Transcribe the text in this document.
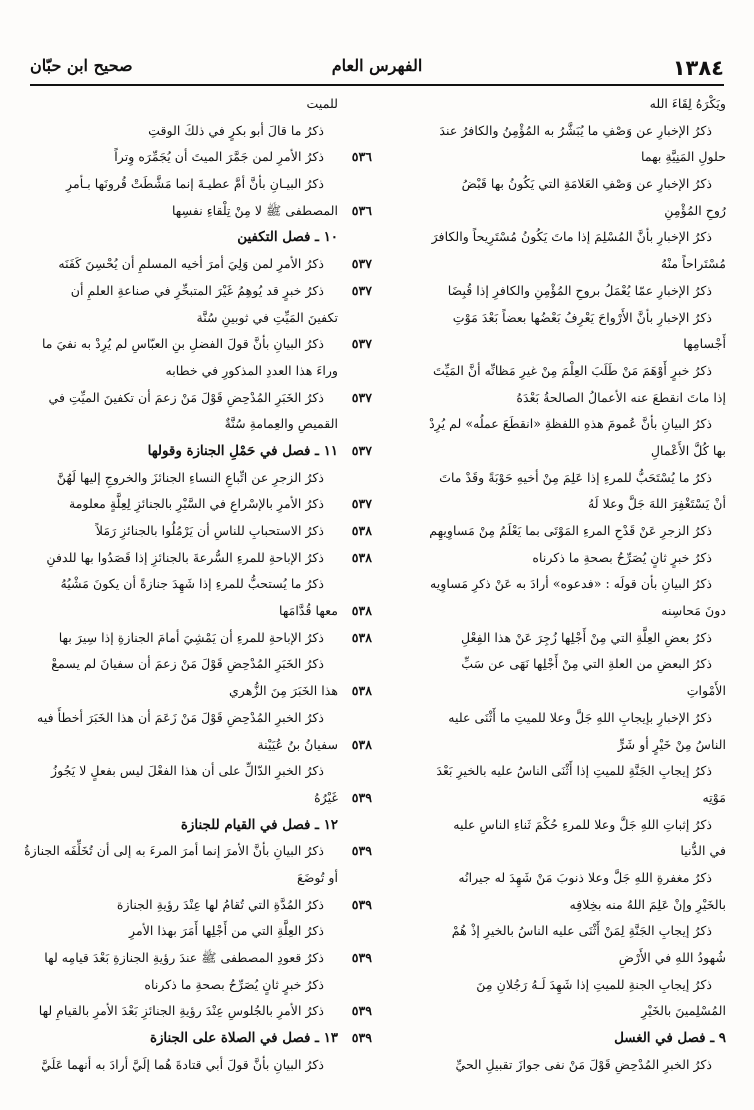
١٣٨٤
الفهرس العام
صحيح ابن حبّان
ويَكْرَهُ لِقَاءَ الله
ذكرُ الإخبارِ عن وَصْفِ ما يُبَشَّرُ به المُؤْمِنُ والكافرُ عندَ
حلولِ المَنِيَّةِ بهما
٥٣٦
ذكرُ الإخبارِ عن وَصْفِ العَلامَةِ التي يَكُونُ بها قَبْضُ
رُوحِ المُؤْمِنِ
٥٣٦
ذكرُ الإخبارِ بأنَّ المُسْلِمَ إذا ماتَ يَكُونُ مُسْتَرِيحاً والكافرَ
مُسْتَراحاً منْهُ
٥٣٧
ذكرُ الإخبارِ عمّا يُعْمَلُ بروحِ المُؤْمِنِ والكافرِ إذا قُبِضَا
٥٣٧
ذكرُ الإخبارِ بأنَّ الأَرْواحَ يَعْرِفُ بَعْضُها بعضاً بَعْدَ مَوْتِ
أَجْسامِها
٥٣٧
ذكرُ خبرٍ أَوْهَمَ مَنْ طَلَبَ العِلْمَ مِنْ غيرِ مَظانِّه أنَّ المَيِّتَ
إذا ماتَ انقطعَ عنه الأعمالُ الصالحةُ بَعْدَهُ
٥٣٧
ذكرُ البيانِ بأنَّ عُمومَ هذهِ اللفظةِ «انقطَعَ عملُه» لم يُرِدْ
بها كُلَّ الأَعْمالِ
٥٣٧
ذكرُ ما يُسْتَحَبُّ للمرءِ إذا عَلِمَ مِنْ أخيهِ حَوْبَةً وقَدْ ماتَ
أنْ يَسْتَغْفِرَ اللهَ جَلَّ وعلا لَهُ
٥٣٧
ذكرُ الزجرِ عَنْ قَدْحِ المرءِ المَوْتَى بما يَعْلَمُ مِنْ مَساوِيهِم
٥٣٨
ذكرُ خبرٍ ثانٍ يُصَرِّحُ بصحةِ ما ذكرناه
٥٣٨
ذكرُ البيانِ بأن قولَه : «فدعوه» أرادَ به عَنْ ذكرِ مَساوِيه
دونَ مَحاسِنه
٥٣٨
ذكرُ بعضِ العِلَّةِ التي مِنْ أَجْلِها زُجِرَ عَنْ هذا الفِعْلِ
٥٣٨
ذكرُ البعضِ من العلةِ التي مِنْ أَجْلِها نَهَى عن سَبِّ
الأَمْواتِ
٥٣٨
ذكرُ الإخبارِ بإيجابِ اللهِ جَلَّ وعلا للميتِ ما أَثْنَى عليه
الناسُ مِنْ خَيْرٍ أو شَرٍّ
٥٣٨
ذكرُ إيجابِ الجَنَّةِ للميتِ إذا أَثْنَى الناسُ عليه بالخيرِ بَعْدَ
مَوْتِه
٥٣٩
ذكرُ إثباتِ اللهِ جَلَّ وعلا للمرءِ حُكْمَ ثَناءِ الناسِ عليه
في الدُّنيا
٥٣٩
ذكرُ مغفرةِ اللهِ جَلَّ وعلا ذنوبَ مَنْ شَهِدَ له جيرانُه
بالخَيْرِ وإنْ عَلِمَ اللهُ منه بخِلافِه
٥٣٩
ذكرُ إيجابِ الجَنَّةِ لِمَنْ أَثْنَى عليه الناسُ بالخيرِ إذْ هُمْ
شُهودُ اللهِ في الأَرْضِ
٥٣٩
ذكرُ إيجابِ الجنةِ للميتِ إذا شَهِدَ لَـهُ رَجُلانِ مِنَ
المُسْلِمينَ بالخَيْرِ
٥٣٩
٩ ـ فصل في الغسل
٥٣٩
ذكرُ الخبرِ المُدْحِضِ قَوْلَ مَنْ نفى جوازَ تقبيلِ الحيِّ
للميت
ذكرُ ما قالَ أبو بكرٍ في ذلكَ الوقتِ
ذكرُ الأمرِ لمن جَمَّرَ الميتَ أن يُجَمِّرَه وِتراً
ذكرُ البيـانِ بأنَّ أمَّ عطيـةَ إنما مَشَّطَتْ قُرونَها بـأمرِ
المصطفى ﷺ لا مِنْ تِلْقاءِ نفسِها
١٠ ـ فصل التكفين
ذكرُ الأمرِ لمن وَلِيَ أمرَ أخيه المسلمِ أن يُحْسِنَ كَفَنَه
ذكرُ خبرٍ قد يُوهِمُ غَيْرَ المتبحِّرِ في صناعةِ العلمِ أن
تكفينَ المَيِّتِ في ثوبينِ سُنَّة
ذكرُ البيانِ بأنَّ قولَ الفضلِ بنِ العبّاسِ لم يُرِدْ به نفيَ ما
وراءَ هذا العددِ المذكورِ في خطابه
ذكرُ الخَبَرِ المُدْحِضِ قَوْلَ مَنْ زعمَ أن تكفينَ الميِّتِ في
القميصِ والعِمامةِ سُنَّةٌ
١١ ـ فصل في حَمْلِ الجنازة وقولها
ذكرُ الزجرِ عن اتِّباعِ النساءِ الجنائزَ والخروجِ إليها لَهُنَّ
ذكرُ الأمرِ بالإسْراعِ في السَّيْرِ بالجنائزِ لِعِلَّةٍ معلومة
ذكرُ الاستحبابِ للناسِ أن يَرْمُلُوا بالجنائزِ رَمَلاً
ذكرُ الإباحةِ للمرءِ السُّرعةَ بالجنائزِ إذا قَصَدُوا بها للدفنِ
ذكرُ ما يُستحبُّ للمرءِ إذا شَهِدَ جنازةً أن يكونَ مَشْيُهُ
معها قُدَّامَها
ذكرُ الإباحةِ للمرءِ أن يَمْشِيَ أمامَ الجنازةِ إذا سِيرَ بها
ذكرُ الخَبَرِ المُدْحِضِ قَوْلَ مَنْ زعمَ أن سفيانَ لم يسمعْ
هذا الخَبَرَ مِنَ الزُّهري
ذكرُ الخبرِ المُدْحِضِ قَوْلَ مَنْ زَعَمَ أن هذا الخَبَرَ أخطأَ فيه
سفيانُ بنُ عُيَيْنة
ذكرُ الخبرِ الدّالِّ على أن هذا الفعْلَ ليس بفعلٍ لا يَجُوزُ
غَيْرُهُ
١٢ ـ فصل في القيام للجنازة
ذكرُ البيانِ بأنَّ الأمرَ إنما أمرَ المرءَ به إلى أن تُخَلِّفَه الجنازةُ
أو تُوضَعَ
ذكرُ المُدَّةِ التي تُقامُ لها عِنْدَ رؤيةِ الجنازة
ذكرُ العِلَّةِ التي من أَجْلِها أَمَرَ بهذا الأمرِ
ذكرُ قعودِ المصطفى ﷺ عندَ رؤيةِ الجنازةِ بَعْدَ قيامِه لها
ذكرُ خبرٍ ثانٍ يُصَرِّحُ بصحةِ ما ذكرناه
ذكرُ الأمرِ بالجُلوسِ عِنْدَ رؤيةِ الجنائزِ بَعْدَ الأمرِ بالقيامِ لها
١٣ ـ فصل في الصلاة على الجنازة
ذكرُ البيانِ بأنَّ قولَ أبي قتادةَ هُما إلَيَّ أرادَ به أنهما عَلَيَّ
